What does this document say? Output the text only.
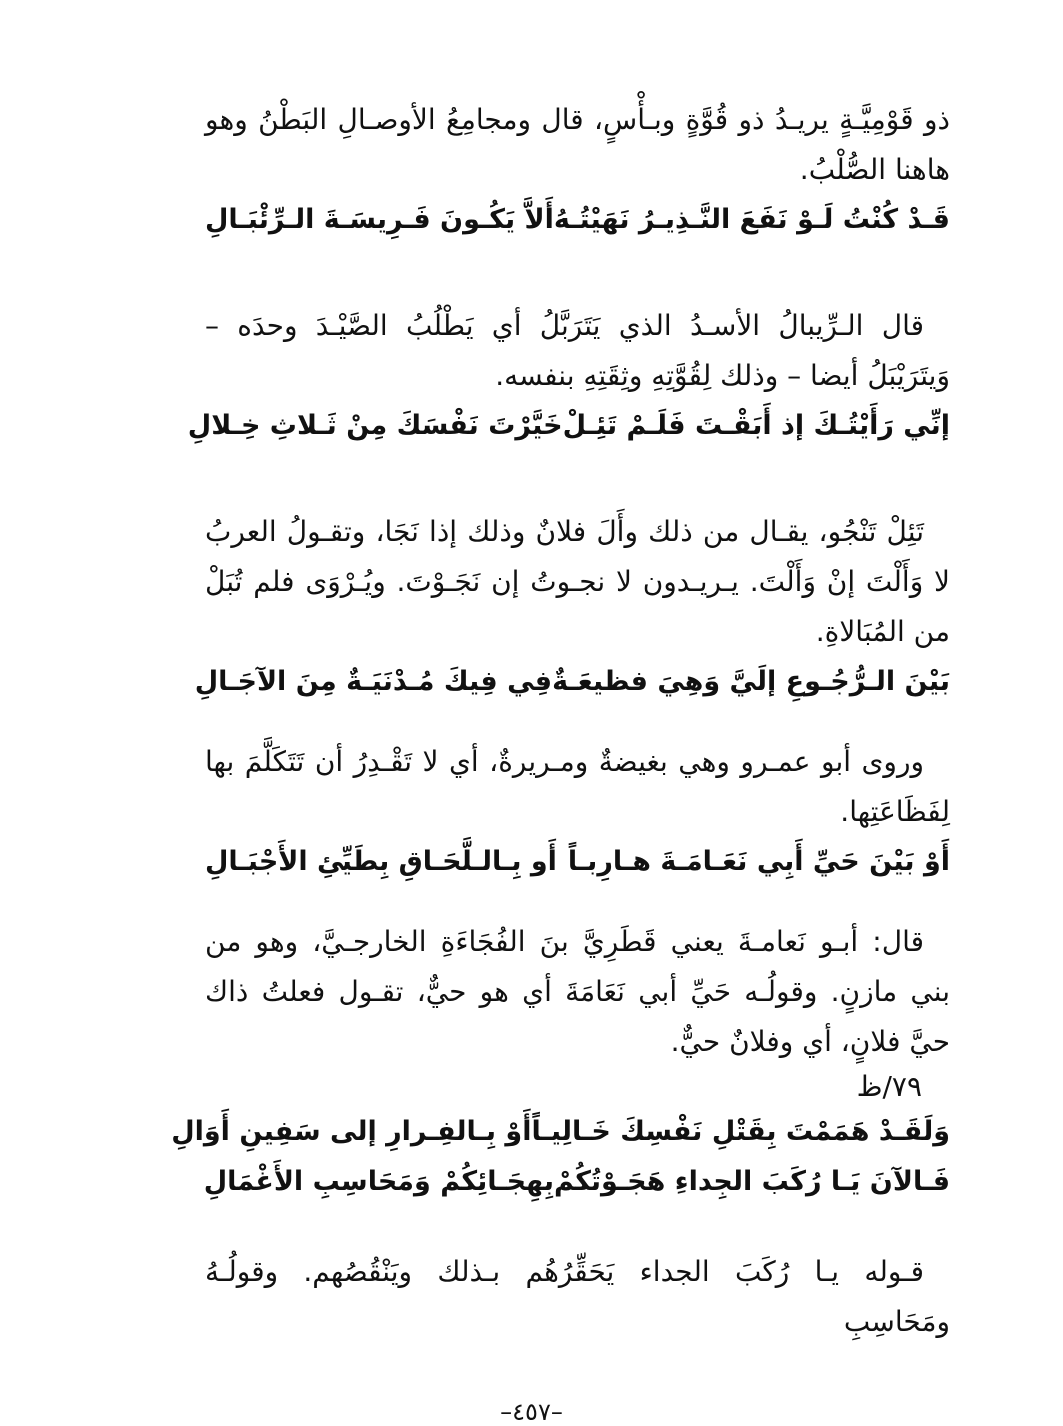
ذو قَوْمِيَّـةٍ يريـدُ ذو قُوَّةٍ وبـأْسٍ، قال ومجامِعُ الأوصـالِ البَطْنُ وهو هاهنا الصُّلْبُ.

قَـدْ كُنْتُ لَـوْ نَفَعَ النَّـذِيـرُ نَهَيْتُـهُ
أَلاَّ يَكُـونَ فَـرِيسَـةَ الـرِّئْبَـالِ

قال الـرِّيبالُ الأسـدُ الذي يَتَرَبَّلُ أي يَطْلُبُ الصَّيْـدَ وحدَه – وَيتَرَيْبَلُ أيضا – وذلك لِقُوَّتِهِ وثِقَتِهِ بنفسه.

إنِّي رَأَيْتُـكَ إذ أَبَقْـتَ فَلَـمْ تَئِـلْ
خَيَّرْتَ نَفْسَكَ مِنْ ثَـلاثِ خِـلالِ

تَئِلْ تَنْجُو، يقـال من ذلك وأَلَ فلانٌ وذلك إذا نَجَا، وتقـولُ العربُ لا وَأَلْتَ إنْ وَأَلْتَ. يـريـدون لا نجـوتُ إن نَجَـوْتَ. ويُـرْوَى فلم تُبَلْ من المُبَالاةِ.

بَيْنَ الـرُّجُـوعِ إلَيَّ وَهِيَ فظيعَـةٌ
فِي فِيكَ مُـدْنَيَـةٌ مِنَ الآجَـالِ

وروى أبو عمـرو وهي بغيضةٌ ومـريرةٌ، أي لا تَقْـدِرُ أن تَتَكَلَّمَ بها لِفَظَاعَتِها.

أَوْ بَيْنَ حَيِّ أَبِي نَعَـامَـةَ هـارِبـاً
أَو بِـالـلَّحَـاقِ بِطَيِّئِ الأَجْبَـالِ

قال: أبـو نَعامـةَ يعني قَطَرِيَّ بنَ الفُجَاءَةِ الخارجـيَّ، وهو من بني مازنٍ. وقولُـه حَيِّ أبي نَعَامَةَ أي هو حيٌّ، تقـول فعلتُ ذاك حيَّ فلانٍ، أي وفلانٌ حيٌّ.

٧٩/ظ

وَلَقَـدْ هَمَمْتَ بِقَتْلِ نَفْسِكَ خَـالِيـاً
أَوْ بِـالفِـرارِ إلى سَفِينِ أَوَالِ
فَـالآنَ يَـا رُكَبَ الجِداءِ هَجَـوْتُكُمْ
بِهِجَـائِكُمْ وَمَحَاسِبِ الأَغْمَالِ

قـوله يـا رُكَبَ الجداء يَحَقِّرُهُم بـذلك ويَنْقُصُهم. وقولُـهُ ومَحَاسِبِ

–٤٥٧–
